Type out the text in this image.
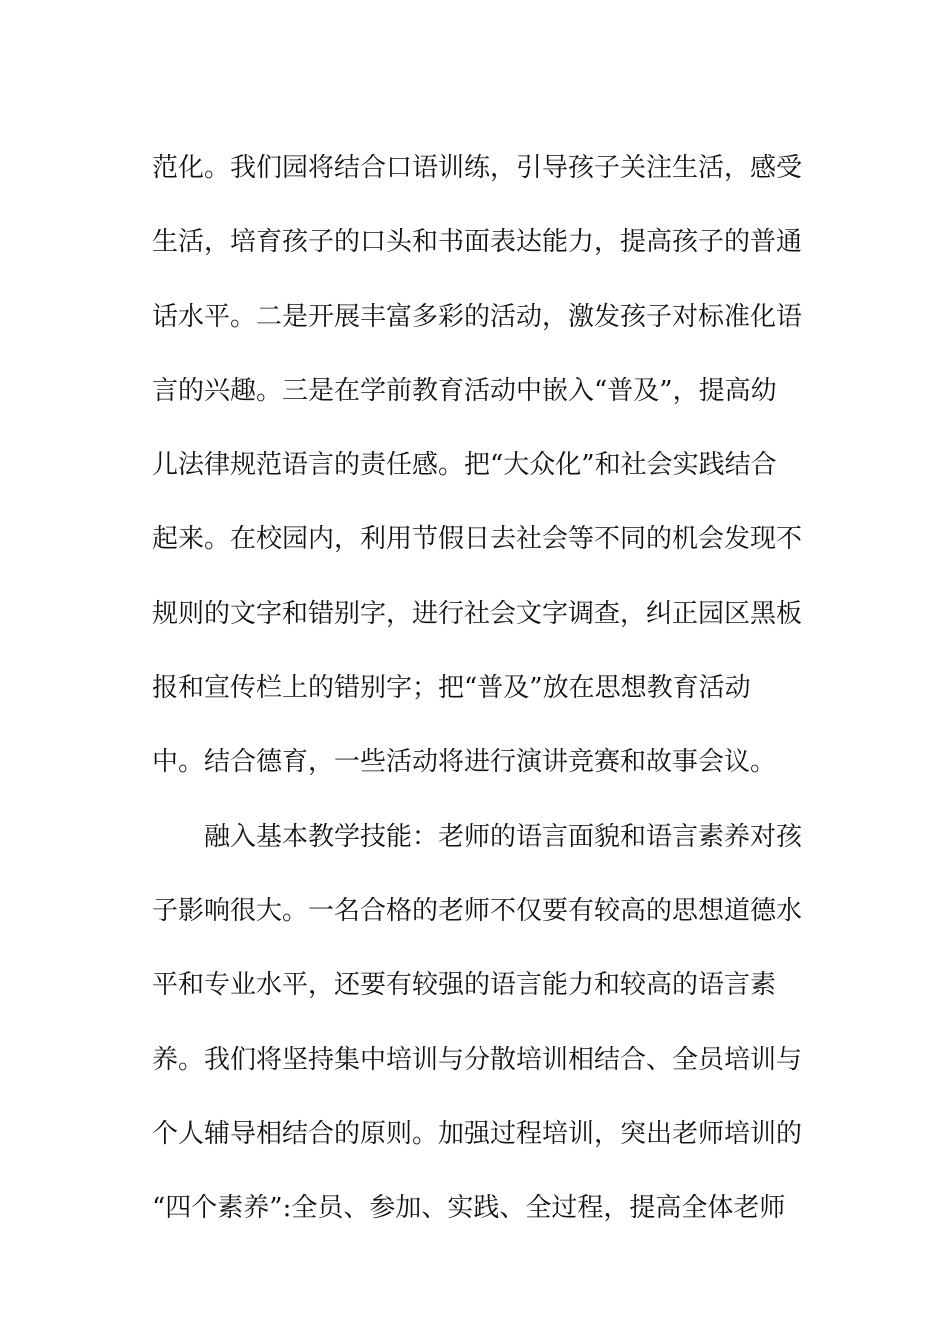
范化。我们园将结合口语训练，引导孩子关注生活，感受
生活，培育孩子的口头和书面表达能力，提高孩子的普通
话水平。二是开展丰富多彩的活动，激发孩子对标准化语
言的兴趣。三是在学前教育活动中嵌入“普及”，提高幼
儿法律规范语言的责任感。把“大众化”和社会实践结合
起来。在校园内，利用节假日去社会等不同的机会发现不
规则的文字和错别字，进行社会文字调查，纠正园区黑板
报和宣传栏上的错别字；把“普及”放在思想教育活动
中。结合德育，一些活动将进行演讲竞赛和故事会议。
　　融入基本教学技能：老师的语言面貌和语言素养对孩
子影响很大。一名合格的老师不仅要有较高的思想道德水
平和专业水平，还要有较强的语言能力和较高的语言素
养。我们将坚持集中培训与分散培训相结合、全员培训与
个人辅导相结合的原则。加强过程培训，突出老师培训的
“四个素养”:全员、参加、实践、全过程，提高全体老师
